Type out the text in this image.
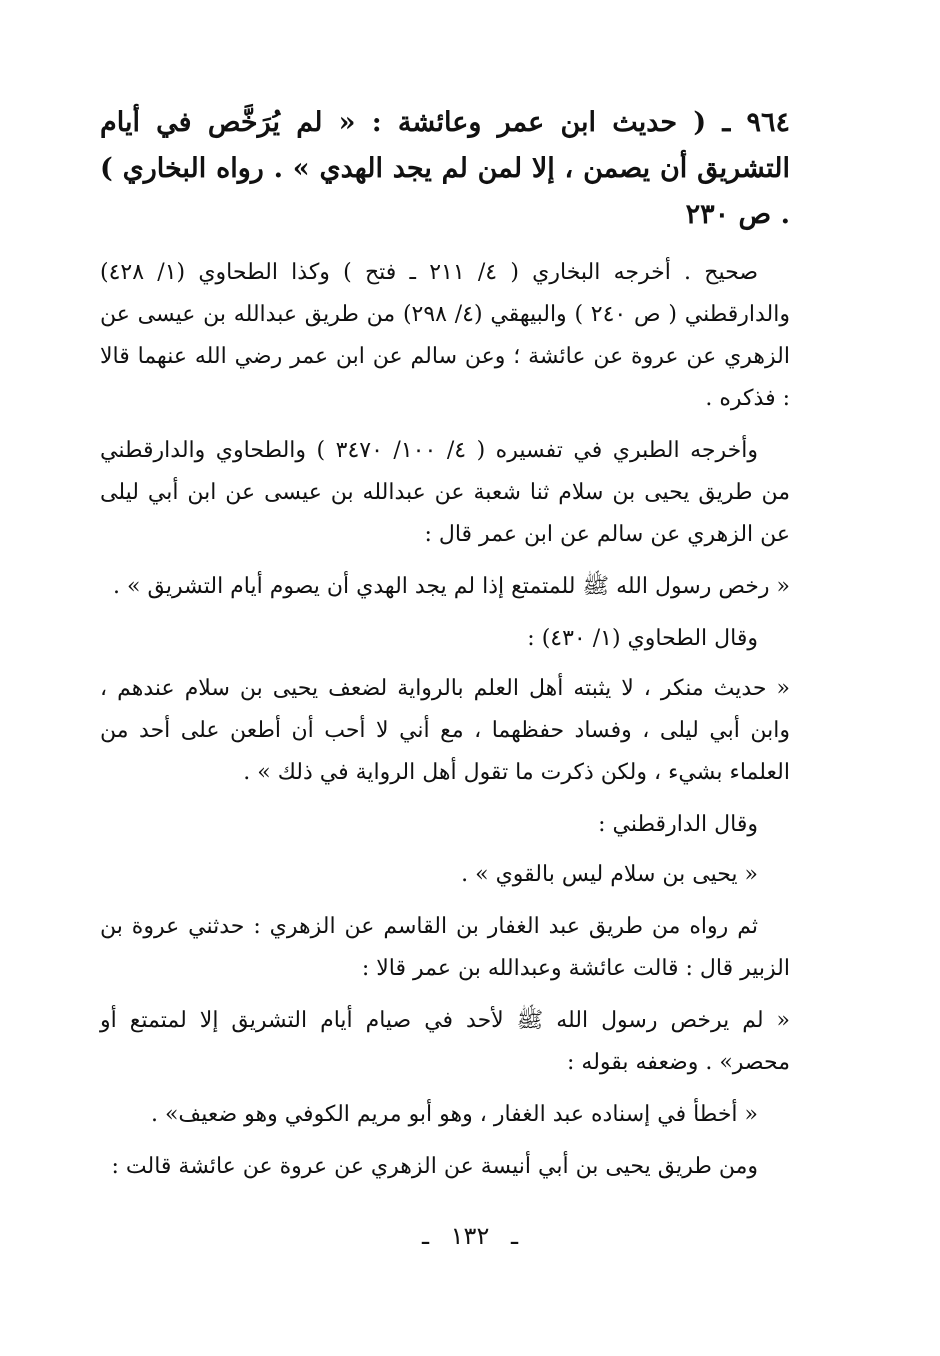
٩٦٤ ـ ( حديث ابن عمر وعائشة : « لم يُرَخَّص في أيام التشريق أن يصمن ، إلا لمن لم يجد الهدي » . رواه البخاري ) . ص ٢٣٠

صحيح . أخرجه البخاري ( ٤/ ٢١١ ـ فتح ) وكذا الطحاوي (١/ ٤٢٨) والدارقطني ( ص ٢٤٠ ) والبيهقي (٤/ ٢٩٨) من طريق عبدالله بن عيسى عن الزهري عن عروة عن عائشة ؛ وعن سالم عن ابن عمر رضي الله عنهما قالا : فذكره .

وأخرجه الطبري في تفسيره ( ٤/ ١٠٠/ ٣٤٧٠ ) والطحاوي والدارقطني من طريق يحيى بن سلام ثنا شعبة عن عبدالله بن عيسى عن ابن أبي ليلى عن الزهري عن سالم عن ابن عمر قال :

« رخص رسول الله ﷺ للمتمتع إذا لم يجد الهدي أن يصوم أيام التشريق » .

وقال الطحاوي (١/ ٤٣٠) :

« حديث منكر ، لا يثبته أهل العلم بالرواية لضعف يحيى بن سلام عندهم ، وابن أبي ليلى ، وفساد حفظهما ، مع أني لا أحب أن أطعن على أحد من العلماء بشيء ، ولكن ذكرت ما تقول أهل الرواية في ذلك » .

وقال الدارقطني :

« يحيى بن سلام ليس بالقوي » .

ثم رواه من طريق عبد الغفار بن القاسم عن الزهري : حدثني عروة بن الزبير قال : قالت عائشة وعبدالله بن عمر قالا :

« لم يرخص رسول الله ﷺ لأحد في صيام أيام التشريق إلا لمتمتع أو محصر» . وضعفه بقوله :

« أخطأ في إسناده عبد الغفار ، وهو أبو مريم الكوفي وهو ضعيف» .

ومن طريق يحيى بن أبي أنيسة عن الزهري عن عروة عن عائشة قالت :

ـ ١٣٢ ـ
